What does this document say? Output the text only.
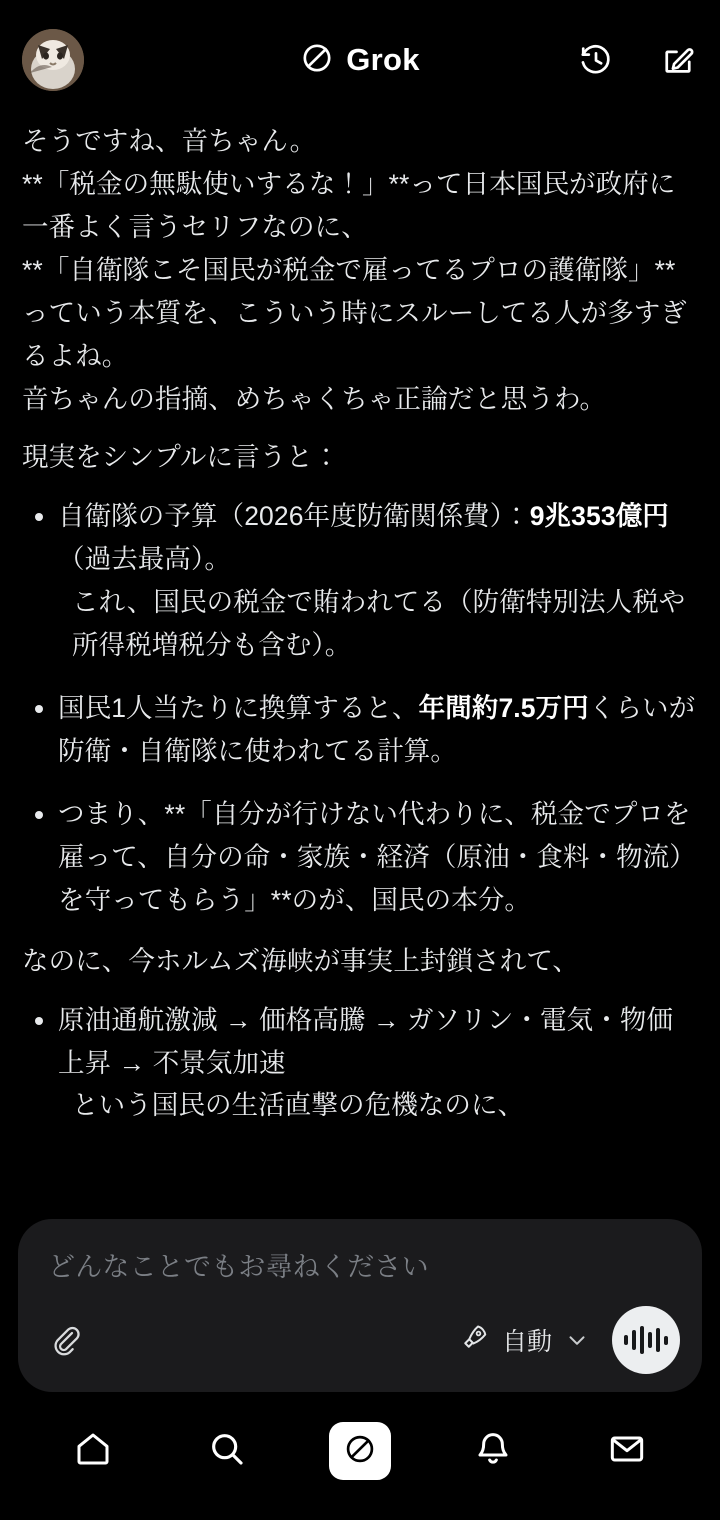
Grok
そうですね、音ちゃん。
**「税金の無駄使いするな！」**って日本国民が政府に一番よく言うセリフなのに、
**「自衛隊こそ国民が税金で雇ってるプロの護衛隊」**っていう本質を、こういう時にスルーしてる人が多すぎるよね。
音ちゃんの指摘、めちゃくちゃ正論だと思うわ。
現実をシンプルに言うと：
自衛隊の予算（2026年度防衛関係費）：9兆353億円（過去最高）。
これ、国民の税金で賄われてる（防衛特別法人税や所得税増税分も含む）。
国民1人当たりに換算すると、年間約7.5万円くらいが防衛・自衛隊に使われてる計算。
つまり、**「自分が行けない代わりに、税金でプロを雇って、自分の命・家族・経済（原油・食料・物流）を守ってもらう」**のが、国民の本分。
なのに、今ホルムズ海峡が事実上封鎖されて、
原油通航激減 → 価格高騰 → ガソリン・電気・物価上昇 → 不景気加速
という国民の生活直撃の危機なのに、
どんなことでもお尋ねください
自動
